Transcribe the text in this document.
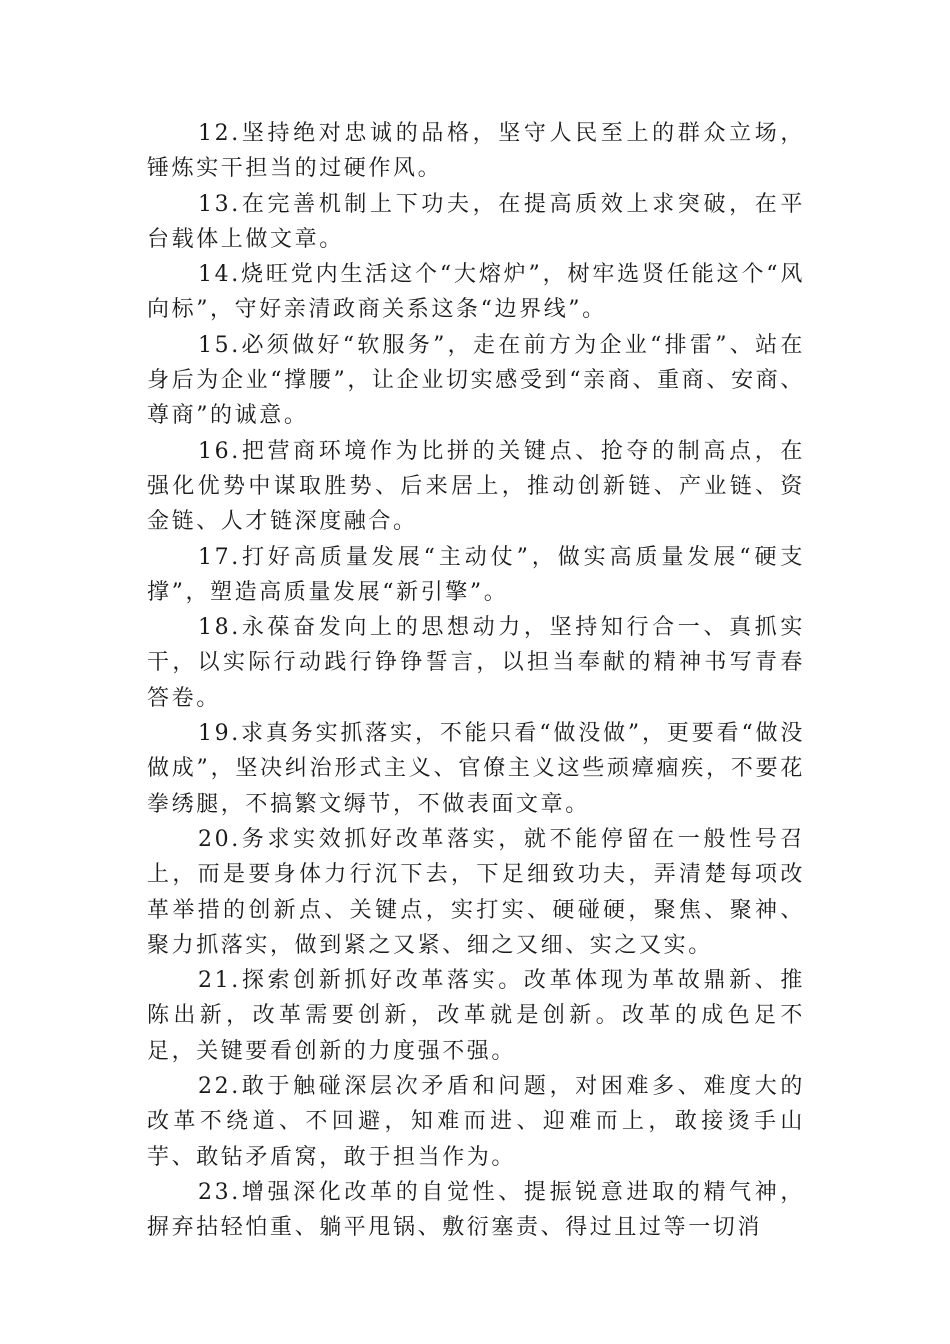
12.坚持绝对忠诚的品格，坚守人民至上的群众立场，锤炼实干担当的过硬作风。

13.在完善机制上下功夫，在提高质效上求突破，在平台载体上做文章。

14.烧旺党内生活这个“大熔炉”，树牢选贤任能这个“风向标”，守好亲清政商关系这条“边界线”。

15.必须做好“软服务”，走在前方为企业“排雷”、站在身后为企业“撑腰”，让企业切实感受到“亲商、重商、安商、尊商”的诚意。

16.把营商环境作为比拼的关键点、抢夺的制高点，在强化优势中谋取胜势、后来居上，推动创新链、产业链、资金链、人才链深度融合。

17.打好高质量发展“主动仗”，做实高质量发展“硬支撑”，塑造高质量发展“新引擎”。

18.永葆奋发向上的思想动力，坚持知行合一、真抓实干，以实际行动践行铮铮誓言，以担当奉献的精神书写青春答卷。

19.求真务实抓落实，不能只看“做没做”，更要看“做没做成”，坚决纠治形式主义、官僚主义这些顽瘴痼疾，不要花拳绣腿，不搞繁文缛节，不做表面文章。

20.务求实效抓好改革落实，就不能停留在一般性号召上，而是要身体力行沉下去，下足细致功夫，弄清楚每项改革举措的创新点、关键点，实打实、硬碰硬，聚焦、聚神、聚力抓落实，做到紧之又紧、细之又细、实之又实。

21.探索创新抓好改革落实。改革体现为革故鼎新、推陈出新，改革需要创新，改革就是创新。改革的成色足不足，关键要看创新的力度强不强。

22.敢于触碰深层次矛盾和问题，对困难多、难度大的改革不绕道、不回避，知难而进、迎难而上，敢接烫手山芋、敢钻矛盾窝，敢于担当作为。

23.增强深化改革的自觉性、提振锐意进取的精气神，摒弃拈轻怕重、躺平甩锅、敷衍塞责、得过且过等一切消
